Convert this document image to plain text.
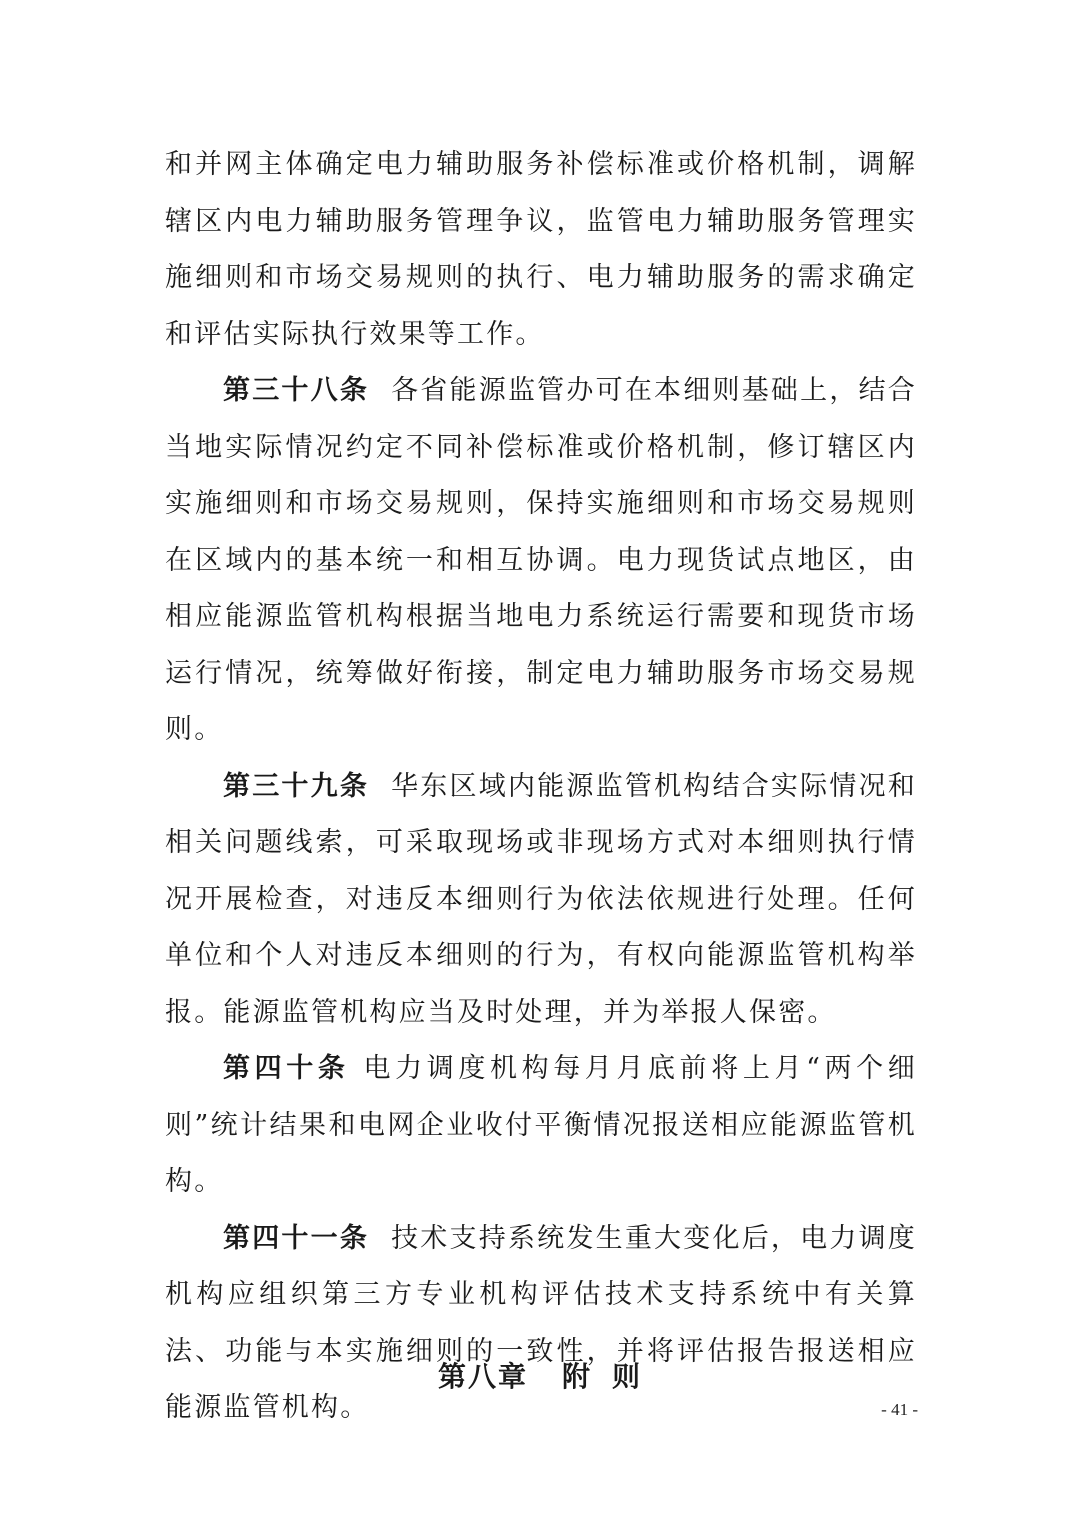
和并网主体确定电力辅助服务补偿标准或价格机制，调解辖区内电力辅助服务管理争议，监管电力辅助服务管理实施细则和市场交易规则的执行、电力辅助服务的需求确定和评估实际执行效果等工作。

第三十八条 各省能源监管办可在本细则基础上，结合当地实际情况约定不同补偿标准或价格机制，修订辖区内实施细则和市场交易规则，保持实施细则和市场交易规则在区域内的基本统一和相互协调。电力现货试点地区，由相应能源监管机构根据当地电力系统运行需要和现货市场运行情况，统筹做好衔接，制定电力辅助服务市场交易规则。

第三十九条 华东区域内能源监管机构结合实际情况和相关问题线索，可采取现场或非现场方式对本细则执行情况开展检查，对违反本细则行为依法依规进行处理。任何单位和个人对违反本细则的行为，有权向能源监管机构举报。能源监管机构应当及时处理，并为举报人保密。

第四十条 电力调度机构每月月底前将上月“两个细则”统计结果和电网企业收付平衡情况报送相应能源监管机构。

第四十一条 技术支持系统发生重大变化后，电力调度机构应组织第三方专业机构评估技术支持系统中有关算法、功能与本实施细则的一致性，并将评估报告报送相应能源监管机构。

第八章 附 则
- 41 -
